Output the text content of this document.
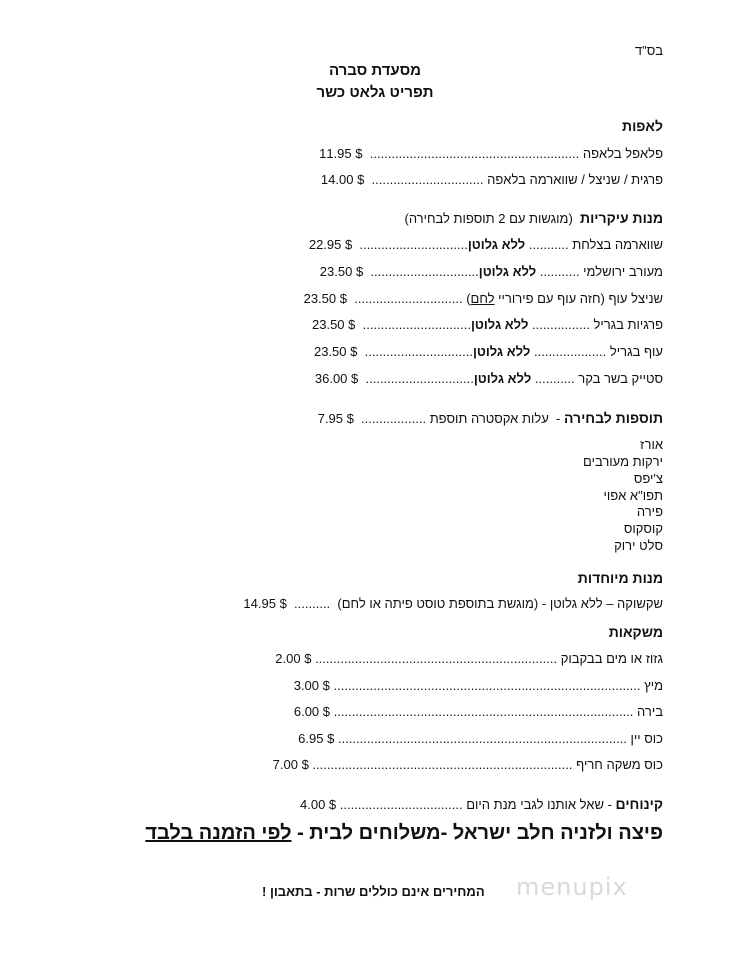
בס"ד
מסעדת סברה
תפריט גלאט כשר
לאפות
פלאפל בלאפה ..........................................................  $ 11.95
פרגית / שניצל / שווארמה בלאפה ...............................  $ 14.00
מנות עיקריות  (מוגשות עם 2 תוספות לבחירה)
שווארמה בצלחת ........... ללא גלוטן..............................  $ 22.95
מעורב ירושלמי ........... ללא גלוטן..............................  $ 23.50
שניצל עוף (חזה עוף עם פירוריי לחם) ..............................  $ 23.50
פרגיות בגריל ................ ללא גלוטן..............................  $ 23.50
עוף בגריל .................... ללא גלוטן..............................  $ 23.50
סטייק בשר בקר ........... ללא גלוטן..............................  $ 36.00
תוספות לבחירה -  עלות אקסטרה תוספת ..................  $ 7.95
אורז
ירקות מעורבים
צ'יפס
תפו"א אפוי
פירה
קוסקוס
סלט ירוק
מנות מיוחדות
שקשוקה – ללא גלוטן - (מוגשת בתוספת טוסט פיתה או לחם)  ..........  $ 14.95
משקאות
גזוז או מים בבקבוק ................................................................... $ 2.00
מיץ ..................................................................................... $ 3.00
בירה ................................................................................... $ 6.00
כוס יין ................................................................................ $ 6.95
כוס משקה חריף ........................................................................ $ 7.00
קינוחים - שאל אותנו לגבי מנת היום .................................. $ 4.00
פיצה ולזניה חלב ישראל -משלוחים לבית - לפי הזמנה בלבד
המחירים אינם כוללים שרות - בתאבון ! menupix
